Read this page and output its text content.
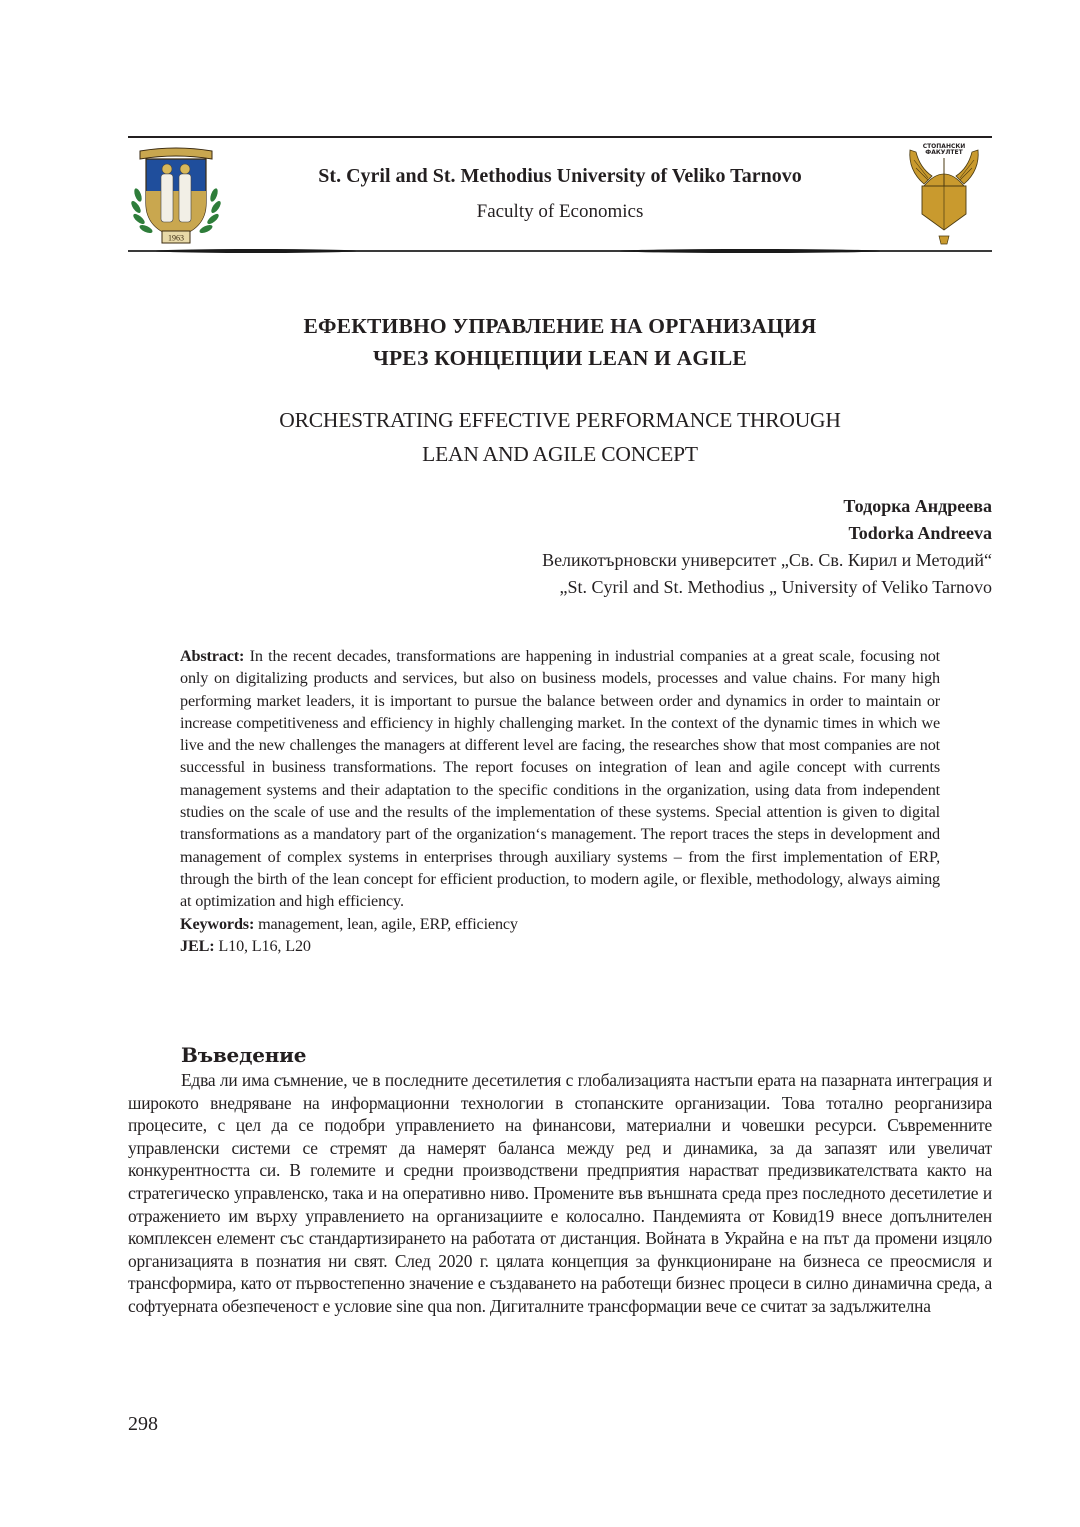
1963
St. Cyril and St. Methodius University of Veliko Tarnovo
Faculty of Economics
СТОПАНСКИ
ФАКУЛТЕТ
ЕФЕКТИВНО УПРАВЛЕНИЕ НА ОРГАНИЗАЦИЯ
ЧРЕЗ КОНЦЕПЦИИ LEAN И AGILE
ORCHESTRATING EFFECTIVE PERFORMANCE THROUGH
LEAN AND AGILE CONCEPT
Тодорка Андреева
Todorka Andreeva
Великотърновски университет „Св. Св. Кирил и Методий“
„St. Cyril and St. Methodius „ University of Veliko Tarnovo

Abstract: In the recent decades, transformations are happening in industrial companies at a great scale, focusing not only on digitalizing products and services, but also on business models, processes and value chains. For many high performing market leaders, it is important to pursue the balance between order and dynamics in order to maintain or increase competitiveness and efficiency in highly challenging market. In the context of the dynamic times in which we live and the new challenges the managers at different level are facing, the researches show that most companies are not successful in business transformations. The report focuses on integration of lean and agile concept with currents management systems and their adaptation to the specific conditions in the organization, using data from independent studies on the scale of use and the results of the implementation of these systems. Special attention is given to digital transformations as a mandatory part of the organization‘s management. The report traces the steps in development and management of complex systems in enterprises through auxiliary systems – from the first implementation of ERP, through the birth of the lean concept for efficient production, to modern agile, or flexible, methodology, always aiming at optimization and high efficiency.

Keywords: management, lean, agile, ERP, efficiency

JEL: L10, L16, L20

Въведение

Едва ли има съмнение, че в последните десетилетия с глобализацията настъпи ерата на пазарната интеграция и широкото внедряване на информационни технологии в стопанските организации. Това тотално реорганизира процесите, с цел да се подобри управлението на финансови, материални и човешки ресурси. Съвременните управленски системи се стремят да намерят баланса между ред и динамика, за да запазят или увеличат конкурентността си. В големите и средни производствени предприятия нарастват предизвикателствата както на стратегическо управленско, така и на оперативно ниво. Промените във външната среда през последното десетилетие и отражението им върху управлението на организациите е колосално. Пандемията от Ковид19 внесе допълнителен комплексен елемент със стандартизирането на работата от дистанция. Войната в Украйна е на път да промени изцяло организацията в познатия ни свят. След 2020 г. цялата концепция за функциониране на бизнеса се преосмисля и трансформира, като от първостепенно значение е създаването на работещи бизнес процеси в силно динамична среда, а софтуерната обезпеченост е условие sine qua non. Дигиталните трансформации вече се считат за задължителна

298
